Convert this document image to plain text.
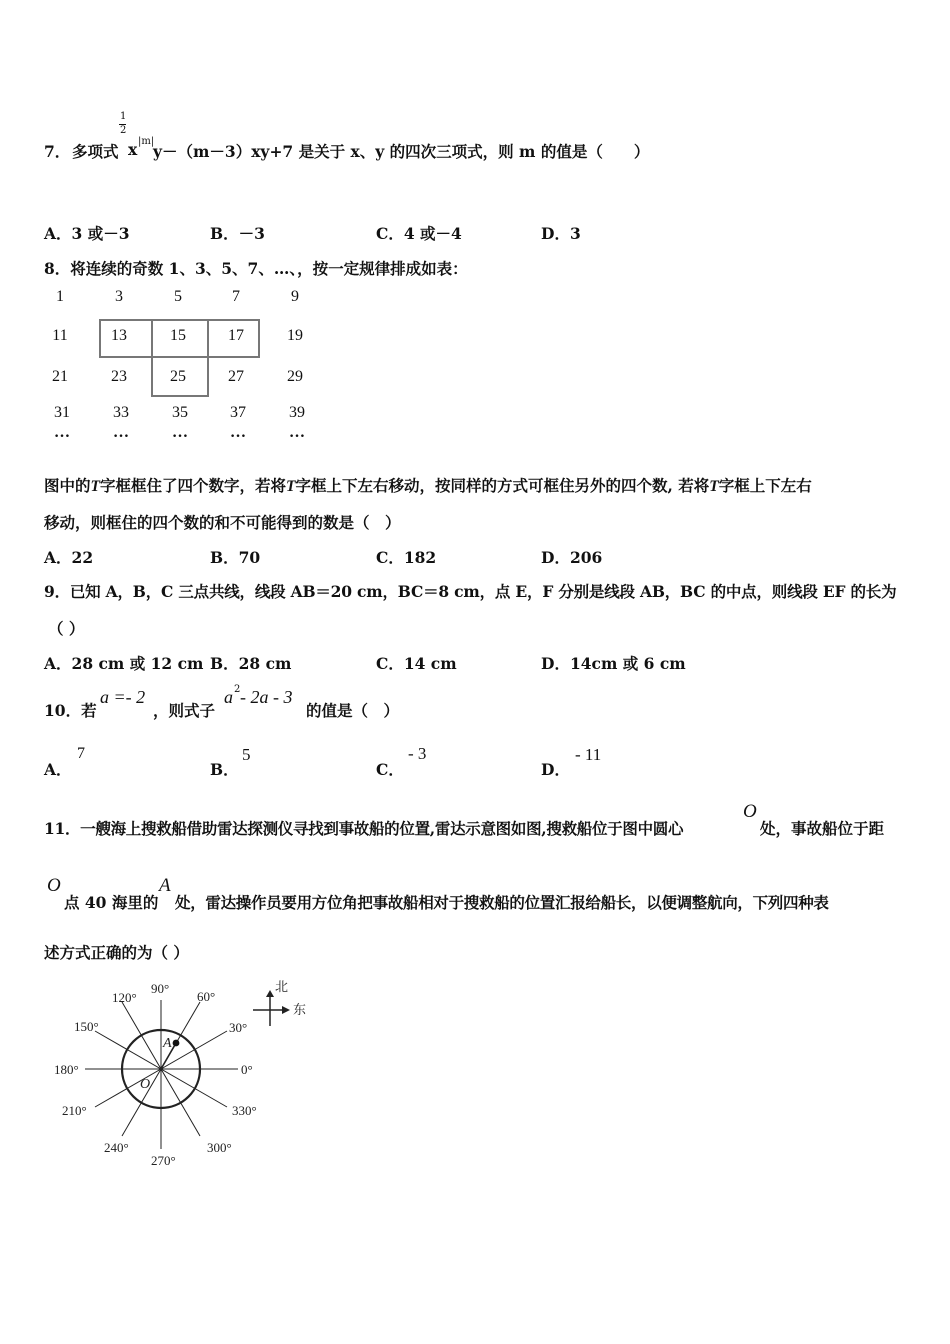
7． 多项式
1
2
x |m|
y－（m－3）xy+7 是关于 x、y 的四次三项式，则 m 的值是（　　）
A．3 或－3	B．－3	C．4 或－4	D．3
8．将连续的奇数 1、3、5、7、…、，按一定规律排成如表：
1	3	5	7	9
11	13	15	17	19
21	23	25	27	29
31	33	35	37	39
…	…	…	…	…
图中的T字框框住了四个数字，若将T字框上下左右移动，按同样的方式可框住另外的四个数, 若将T字框上下左右
移动，则框住的四个数的和不可能得到的数是（　）
A．22	B．70	C．182	D．206
9．已知 A，B，C 三点共线，线段 AB＝20 cm，BC＝8 cm，点 E，F 分别是线段 AB，BC 的中点，则线段 EF 的长为
（ ）
A．28 cm 或 12 cm B．28 cm	C．14 cm	D．14cm 或 6 cm
10．若
a =- 2
，则式子
a 2 - 2a - 3
的值是（　）
A．
7
B．
5
C．
- 3
D．
- 11
11．一艘海上搜救船借助雷达探测仪寻找到事故船的位置,雷达示意图如图,搜救船位于图中圆心
O
处，事故船位于距
O
点 40 海里的
A
处，雷达操作员要用方位角把事故船相对于搜救船的位置汇报给船长，以便调整航向，下列四种表
述方式正确的为（ ）
90°
60°
120°
150°	30°
180°	0°
210°	330°
240°	300°
270°
A
O
北
东
